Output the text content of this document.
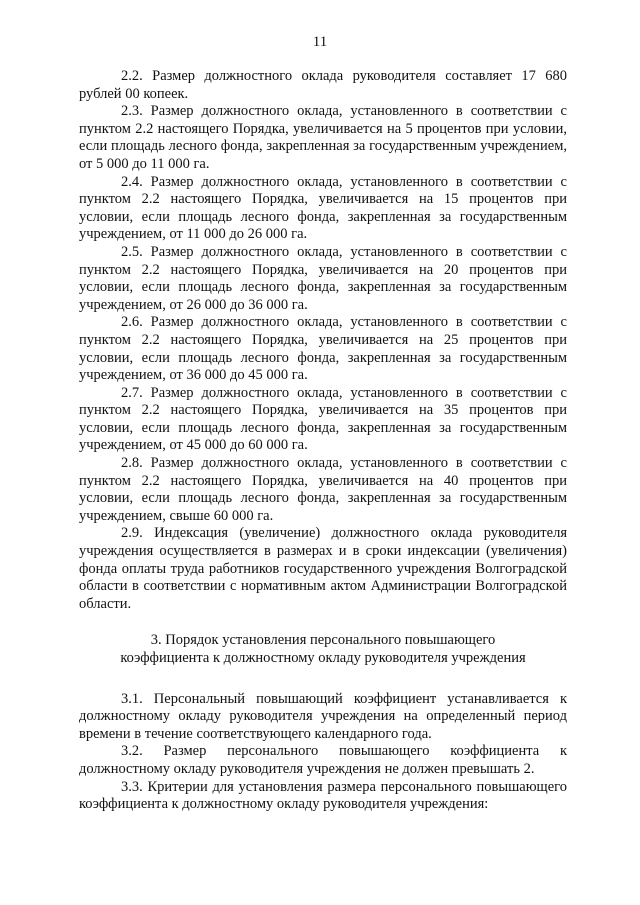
11

2.2. Размер должностного оклада руководителя составляет 17 680 рублей 00 копеек.

2.3. Размер должностного оклада, установленного в соответствии с пунктом 2.2 настоящего Порядка, увеличивается на 5 процентов при условии, если площадь лесного фонда, закрепленная за государственным учреждением, от 5 000 до 11 000 га.

2.4. Размер должностного оклада, установленного в соответствии с пунктом 2.2 настоящего Порядка, увеличивается на 15 процентов при условии, если площадь лесного фонда, закрепленная за государственным учреждением, от 11 000 до 26 000 га.

2.5. Размер должностного оклада, установленного в соответствии с пунктом 2.2 настоящего Порядка, увеличивается на 20 процентов при условии, если площадь лесного фонда, закрепленная за государственным учреждением, от 26 000 до 36 000 га.

2.6. Размер должностного оклада, установленного в соответствии с пунктом 2.2 настоящего Порядка, увеличивается на 25 процентов при условии, если площадь лесного фонда, закрепленная за государственным учреждением, от 36 000 до 45 000 га.

2.7. Размер должностного оклада, установленного в соответствии с пунктом 2.2 настоящего Порядка, увеличивается на 35 процентов при условии, если площадь лесного фонда, закрепленная за государственным учреждением, от 45 000 до 60 000 га.

2.8. Размер должностного оклада, установленного в соответствии с пунктом 2.2 настоящего Порядка, увеличивается на 40 процентов при условии, если площадь лесного фонда, закрепленная за государственным учреждением, свыше 60 000 га.

2.9. Индексация (увеличение) должностного оклада руководителя учреждения осуществляется в размерах и в сроки индексации (увеличения) фонда оплаты труда работников государственного учреждения Волгоградской области в соответствии с нормативным актом Администрации Волгоградской области.

3. Порядок установления персонального повышающего

коэффициента к должностному окладу руководителя учреждения

3.1. Персональный повышающий коэффициент устанавливается к должностному окладу руководителя учреждения на определенный период времени в течение соответствующего календарного года.

3.2. Размер персонального повышающего коэффициента к должностному окладу руководителя учреждения не должен превышать 2.

3.3. Критерии для установления размера персонального повышающего коэффициента к должностному окладу руководителя учреждения:
